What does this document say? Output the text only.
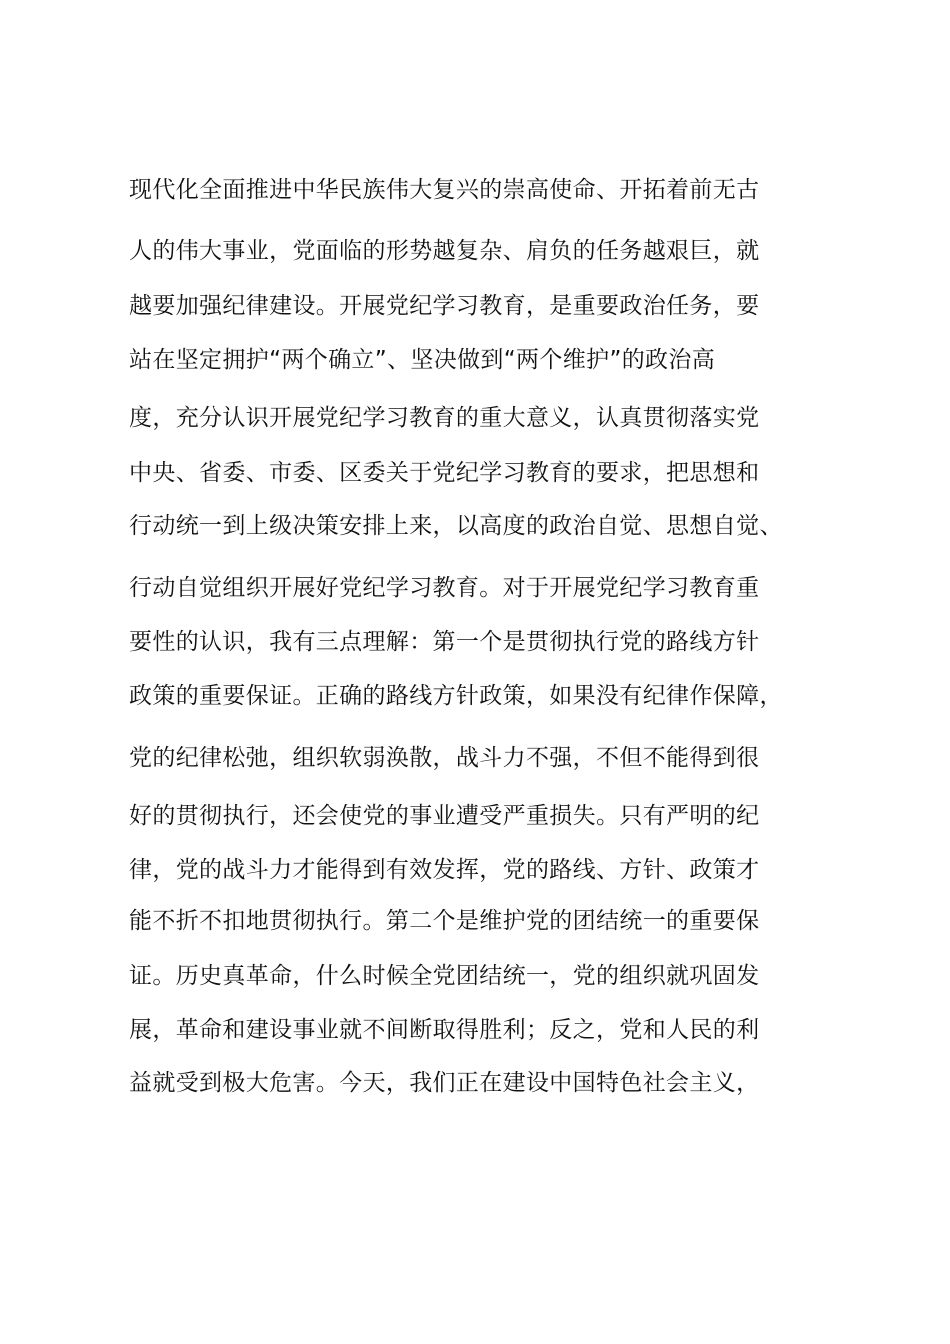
现代化全面推进中华民族伟大复兴的崇高使命、开拓着前无古
人的伟大事业，党面临的形势越复杂、肩负的任务越艰巨，就
越要加强纪律建设。开展党纪学习教育，是重要政治任务，要
站在坚定拥护“两个确立”、坚决做到“两个维护”的政治高
度，充分认识开展党纪学习教育的重大意义，认真贯彻落实党
中央、省委、市委、区委关于党纪学习教育的要求，把思想和
行动统一到上级决策安排上来，以高度的政治自觉、思想自觉、
行动自觉组织开展好党纪学习教育。对于开展党纪学习教育重
要性的认识，我有三点理解：第一个是贯彻执行党的路线方针
政策的重要保证。正确的路线方针政策，如果没有纪律作保障，
党的纪律松弛，组织软弱涣散，战斗力不强，不但不能得到很
好的贯彻执行，还会使党的事业遭受严重损失。只有严明的纪
律，党的战斗力才能得到有效发挥，党的路线、方针、政策才
能不折不扣地贯彻执行。第二个是维护党的团结统一的重要保
证。历史真革命，什么时候全党团结统一，党的组织就巩固发
展，革命和建设事业就不间断取得胜利；反之，党和人民的利
益就受到极大危害。今天，我们正在建设中国特色社会主义，
